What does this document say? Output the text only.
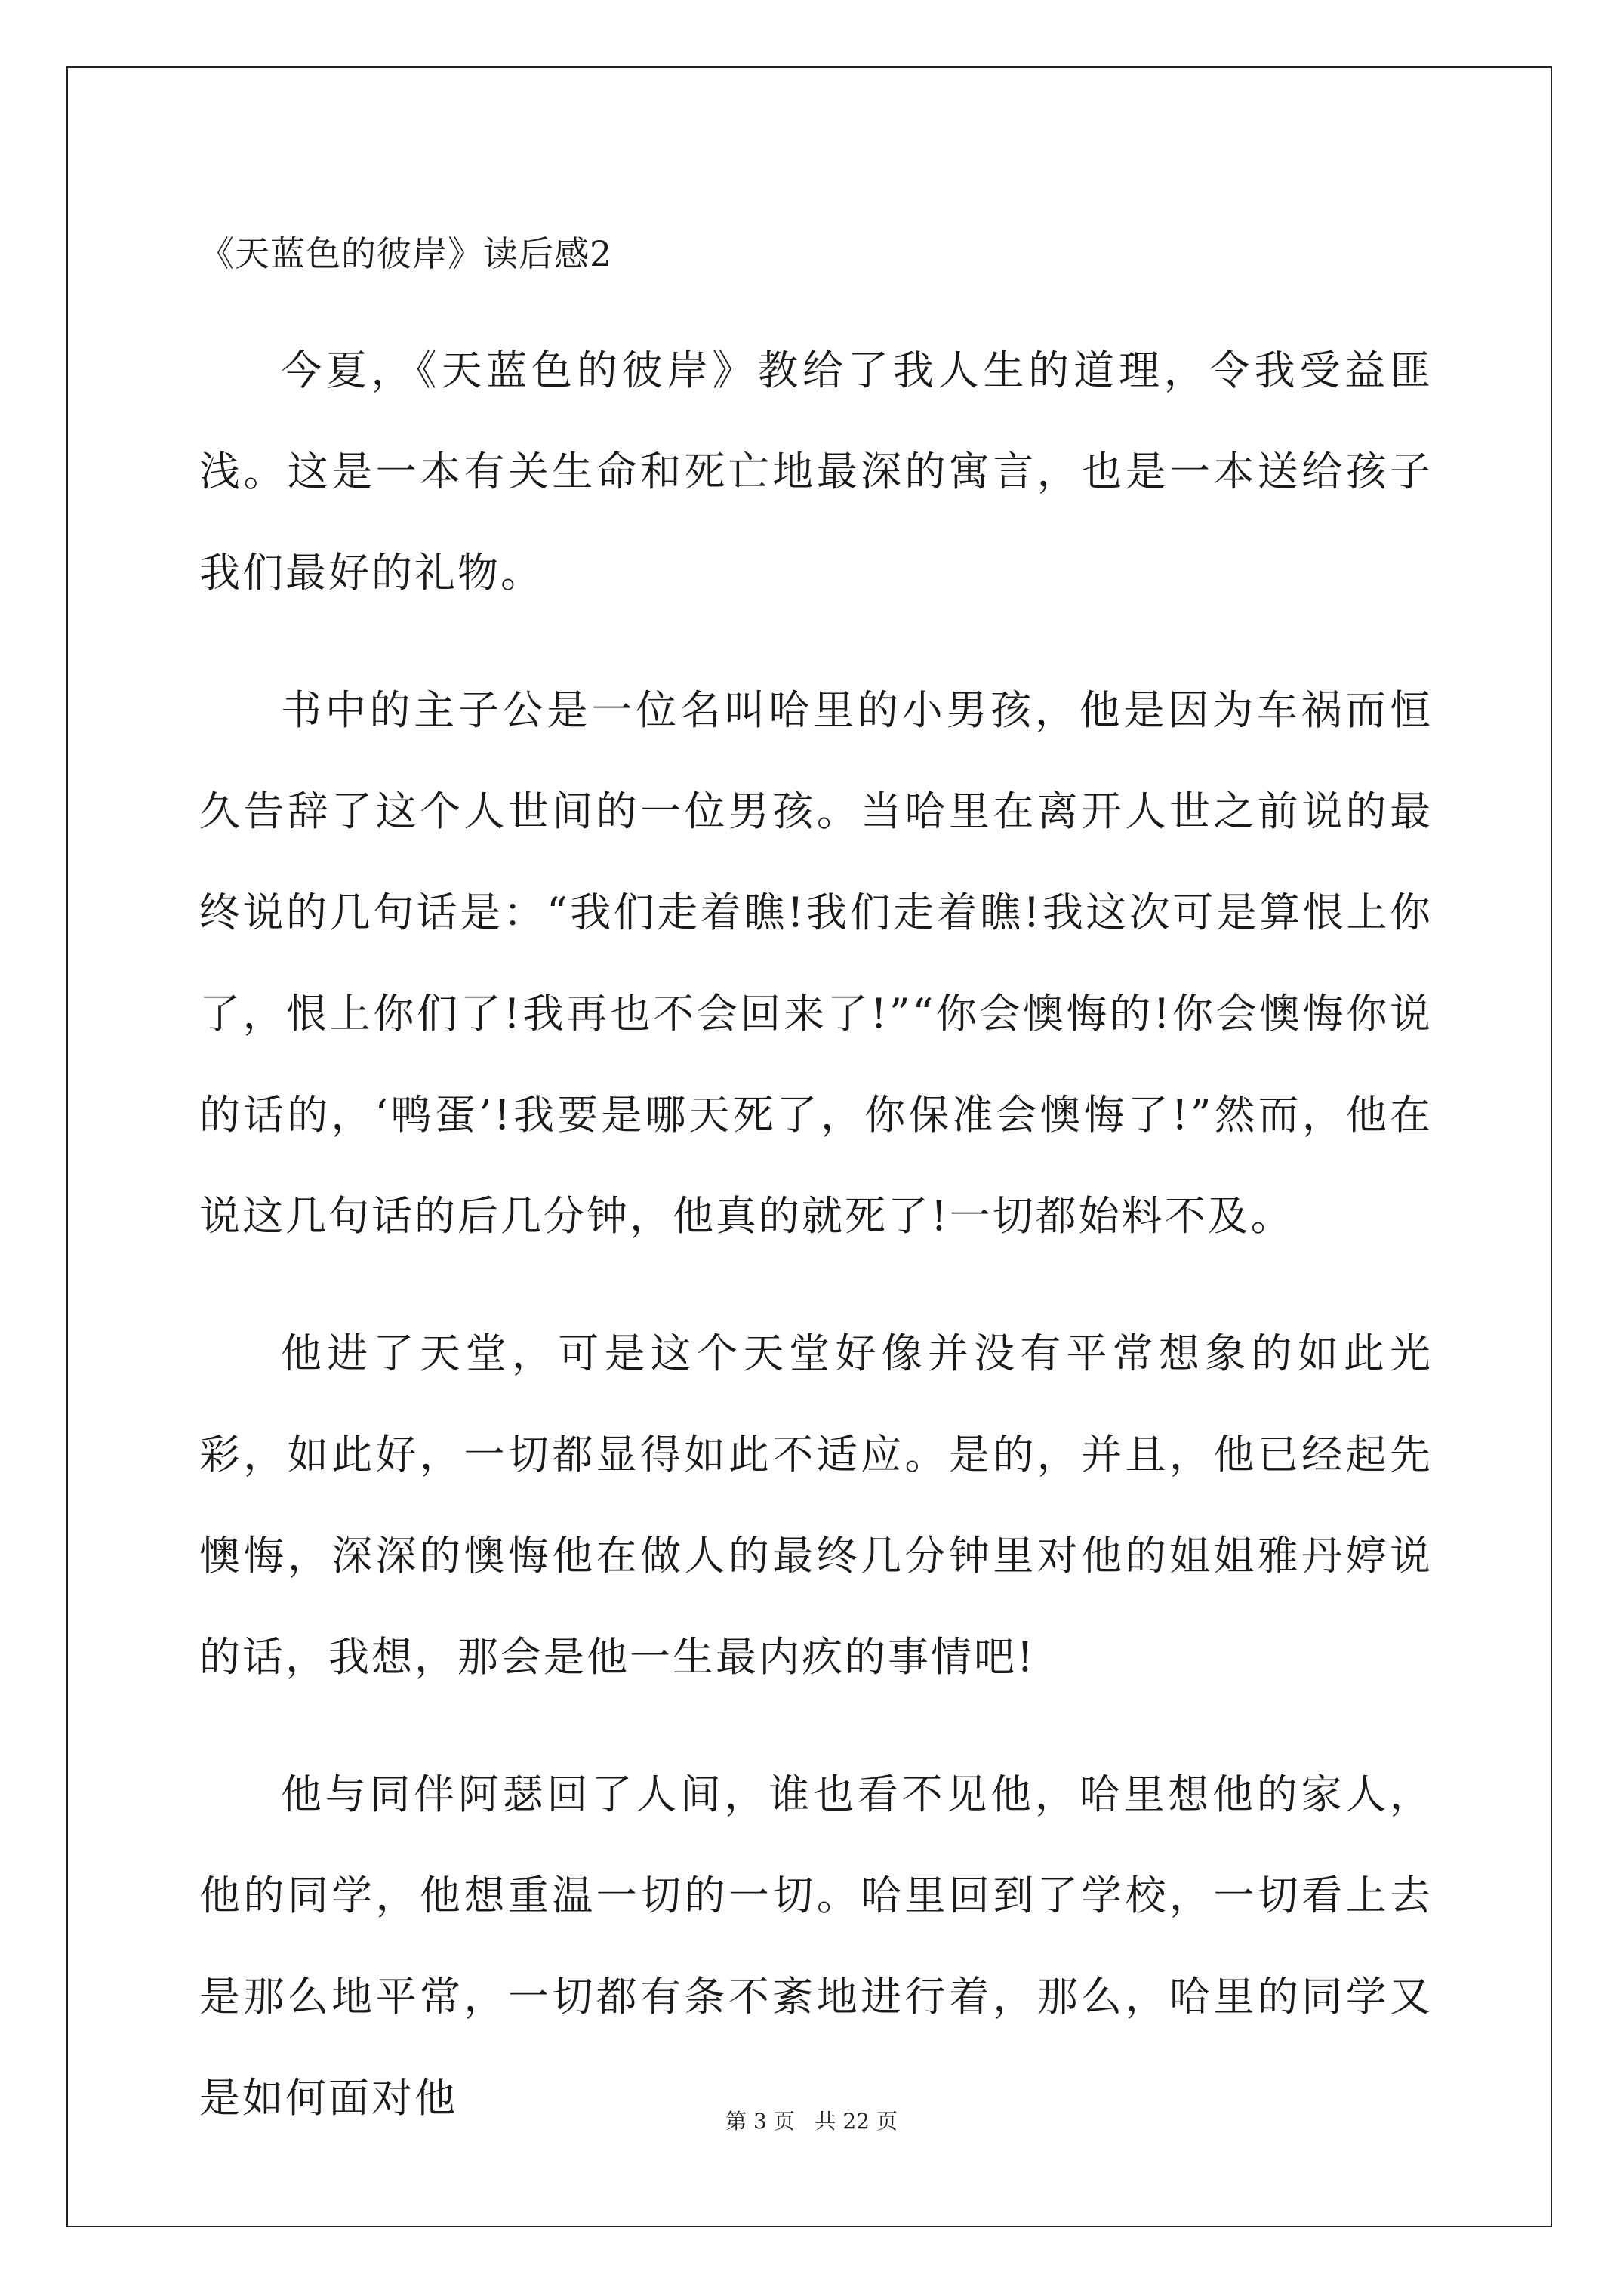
《天蓝色的彼岸》读后感2

今夏，《天蓝色的彼岸》教给了我人生的道理，令我受益匪浅。这是一本有关生命和死亡地最深的寓言，也是一本送给孩子我们最好的礼物。

书中的主子公是一位名叫哈里的小男孩，他是因为车祸而恒久告辞了这个人世间的一位男孩。当哈里在离开人世之前说的最终说的几句话是：“我们走着瞧!我们走着瞧!我这次可是算恨上你了，恨上你们了!我再也不会回来了!”“你会懊悔的!你会懊悔你说的话的，‘鸭蛋’!我要是哪天死了，你保准会懊悔了!”然而，他在说这几句话的后几分钟，他真的就死了!一切都始料不及。

他进了天堂，可是这个天堂好像并没有平常想象的如此光彩，如此好，一切都显得如此不适应。是的，并且，他已经起先懊悔，深深的懊悔他在做人的最终几分钟里对他的姐姐雅丹婷说的话，我想，那会是他一生最内疚的事情吧!

他与同伴阿瑟回了人间，谁也看不见他，哈里想他的家人，他的同学，他想重温一切的一切。哈里回到了学校，一切看上去是那么地平常，一切都有条不紊地进行着，那么，哈里的同学又是如何面对他	第 3 页   共 22 页
